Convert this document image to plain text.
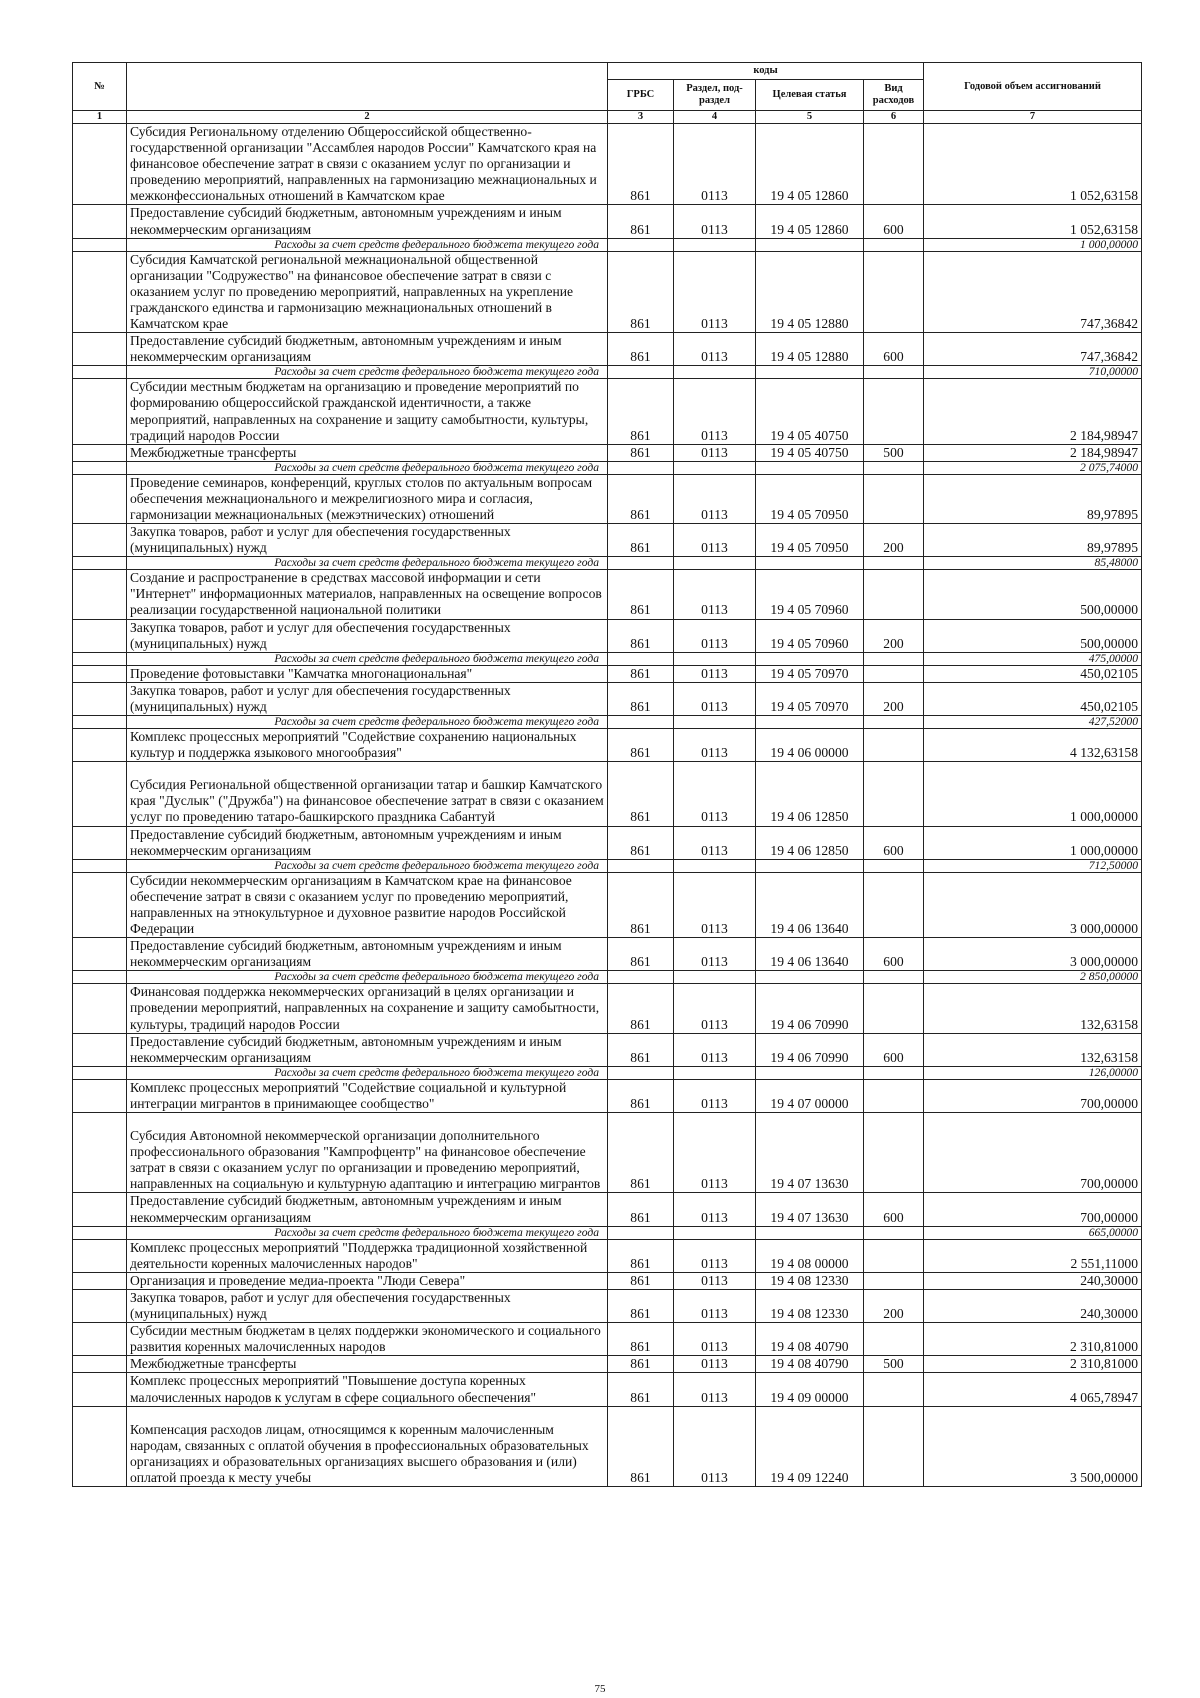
№		коды				Годовой объем ассигнований
		ГРБС	Раздел, под-раздел	Целевая статья	Вид расходов	
1	2	3	4	5	6	7
	Субсидия Региональному отделению Общероссийской общественно-государственной организации "Ассамблея народов России" Камчатского края на финансовое обеспечение затрат в связи с оказанием услуг по организации и проведению мероприятий, направленных на гармонизацию межнациональных и межконфессиональных отношений в Камчатском крае	861	0113	19 4 05 12860		1 052,63158
	Предоставление субсидий бюджетным, автономным учреждениям и иным некоммерческим организациям	861	0113	19 4 05 12860	600	1 052,63158
	Расходы за счет средств федерального бюджета текущего года					1 000,00000
	Субсидия Камчатской региональной межнациональной общественной организации "Содружество" на финансовое обеспечение затрат в связи с оказанием услуг по проведению мероприятий, направленных на укрепление гражданского единства и гармонизацию межнациональных отношений в Камчатском крае	861	0113	19 4 05 12880		747,36842
	Предоставление субсидий бюджетным, автономным учреждениям и иным некоммерческим организациям	861	0113	19 4 05 12880	600	747,36842
	Расходы за счет средств федерального бюджета текущего года					710,00000
	Субсидии местным бюджетам на организацию и проведение мероприятий по формированию общероссийской гражданской идентичности, а также мероприятий, направленных на сохранение и защиту самобытности, культуры, традиций народов России	861	0113	19 4 05 40750		2 184,98947
	Межбюджетные трансферты	861	0113	19 4 05 40750	500	2 184,98947
	Расходы за счет средств федерального бюджета текущего года					2 075,74000
	Проведение семинаров, конференций, круглых столов по актуальным вопросам обеспечения межнационального и межрелигиозного мира и согласия, гармонизации межнациональных (межэтнических) отношений	861	0113	19 4 05 70950		89,97895
	Закупка товаров, работ и услуг для обеспечения государственных (муниципальных) нужд	861	0113	19 4 05 70950	200	89,97895
	Расходы за счет средств федерального бюджета текущего года					85,48000
	Создание и распространение в средствах массовой информации и сети "Интернет" информационных материалов, направленных на освещение вопросов реализации государственной национальной политики	861	0113	19 4 05 70960		500,00000
	Закупка товаров, работ и услуг для обеспечения государственных (муниципальных) нужд	861	0113	19 4 05 70960	200	500,00000
	Расходы за счет средств федерального бюджета текущего года					475,00000
	Проведение фотовыставки "Камчатка многонациональная"	861	0113	19 4 05 70970		450,02105
	Закупка товаров, работ и услуг для обеспечения государственных (муниципальных) нужд	861	0113	19 4 05 70970	200	450,02105
	Расходы за счет средств федерального бюджета текущего года					427,52000
	Комплекс процессных мероприятий "Содействие сохранению национальных культур и поддержка языкового многообразия"	861	0113	19 4 06 00000		4 132,63158
	Субсидия Региональной общественной организации татар и башкир Камчатского края "Дуслык" ("Дружба") на финансовое обеспечение затрат в связи с оказанием услуг по проведению татаро-башкирского праздника Сабантуй	861	0113	19 4 06 12850		1 000,00000
	Предоставление субсидий бюджетным, автономным учреждениям и иным некоммерческим организациям	861	0113	19 4 06 12850	600	1 000,00000
	Расходы за счет средств федерального бюджета текущего года					712,50000
	Субсидии некоммерческим организациям в Камчатском крае на финансовое обеспечение затрат в связи с оказанием услуг по проведению мероприятий, направленных на этнокультурное и духовное развитие народов Российской Федерации	861	0113	19 4 06 13640		3 000,00000
	Предоставление субсидий бюджетным, автономным учреждениям и иным некоммерческим организациям	861	0113	19 4 06 13640	600	3 000,00000
	Расходы за счет средств федерального бюджета текущего года					2 850,00000
	Финансовая поддержка некоммерческих организаций в целях организации и проведении мероприятий, направленных на сохранение и защиту самобытности, культуры, традиций народов России	861	0113	19 4 06 70990		132,63158
	Предоставление субсидий бюджетным, автономным учреждениям и иным некоммерческим организациям	861	0113	19 4 06 70990	600	132,63158
	Расходы за счет средств федерального бюджета текущего года					126,00000
	Комплекс процессных мероприятий "Содействие социальной и культурной интеграции мигрантов в принимающее сообщество"	861	0113	19 4 07 00000		700,00000
	Субсидия Автономной некоммерческой организации дополнительного профессионального образования "Кампрофцентр" на финансовое обеспечение затрат в связи с оказанием услуг по организации и проведению мероприятий, направленных на социальную и культурную адаптацию и интеграцию мигрантов	861	0113	19 4 07 13630		700,00000
	Предоставление субсидий бюджетным, автономным учреждениям и иным некоммерческим организациям	861	0113	19 4 07 13630	600	700,00000
	Расходы за счет средств федерального бюджета текущего года					665,00000
	Комплекс процессных мероприятий "Поддержка традиционной хозяйственной деятельности коренных малочисленных народов"	861	0113	19 4 08 00000		2 551,11000
	Организация и проведение медиа-проекта "Люди Севера"	861	0113	19 4 08 12330		240,30000
	Закупка товаров, работ и услуг для обеспечения государственных (муниципальных) нужд	861	0113	19 4 08 12330	200	240,30000
	Субсидии местным бюджетам в целях поддержки экономического и социального развития коренных малочисленных народов	861	0113	19 4 08 40790		2 310,81000
	Межбюджетные трансферты	861	0113	19 4 08 40790	500	2 310,81000
	Комплекс процессных мероприятий "Повышение доступа коренных малочисленных народов к услугам в сфере социального обеспечения"	861	0113	19 4 09 00000		4 065,78947
	Компенсация расходов лицам, относящимся к коренным малочисленным народам, связанных с оплатой обучения в профессиональных образовательных организациях и образовательных организациях высшего образования и (или) оплатой проезда к месту учебы	861	0113	19 4 09 12240		3 500,00000
75
